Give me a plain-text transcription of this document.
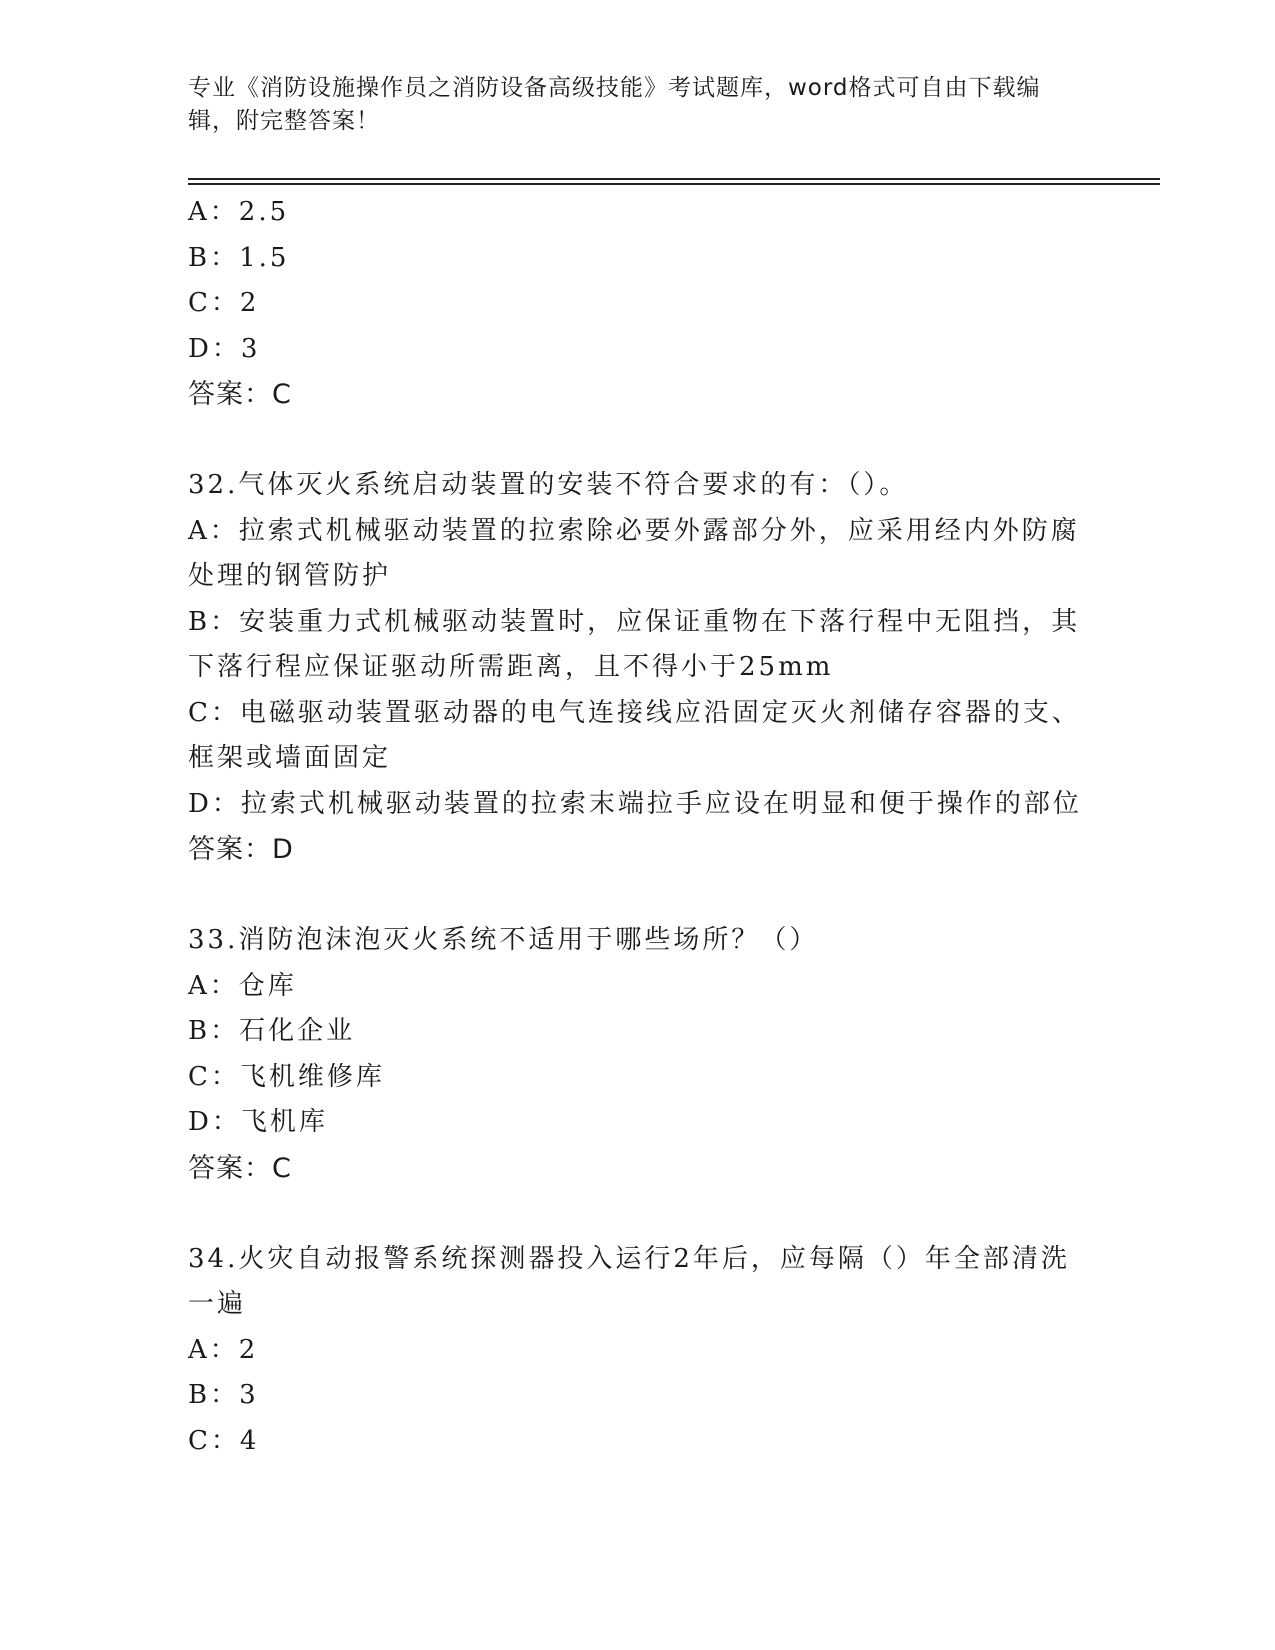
专业《消防设施操作员之消防设备高级技能》考试题库，word格式可自由下载编辑，附完整答案！
A：2.5
B：1.5
C：2
D：3
答案：C
32.气体灭火系统启动装置的安装不符合要求的有：（）。
A：拉索式机械驱动装置的拉索除必要外露部分外，应采用经内外防腐处理的钢管防护
B：安装重力式机械驱动装置时，应保证重物在下落行程中无阻挡，其下落行程应保证驱动所需距离，且不得小于25mm
C：电磁驱动装置驱动器的电气连接线应沿固定灭火剂储存容器的支、框架或墙面固定
D：拉索式机械驱动装置的拉索末端拉手应设在明显和便于操作的部位
答案：D
33.消防泡沫泡灭火系统不适用于哪些场所？（）
A：仓库
B：石化企业
C：飞机维修库
D：飞机库
答案：C
34.火灾自动报警系统探测器投入运行2年后，应每隔（）年全部清洗一遍
A：2
B：3
C：4
